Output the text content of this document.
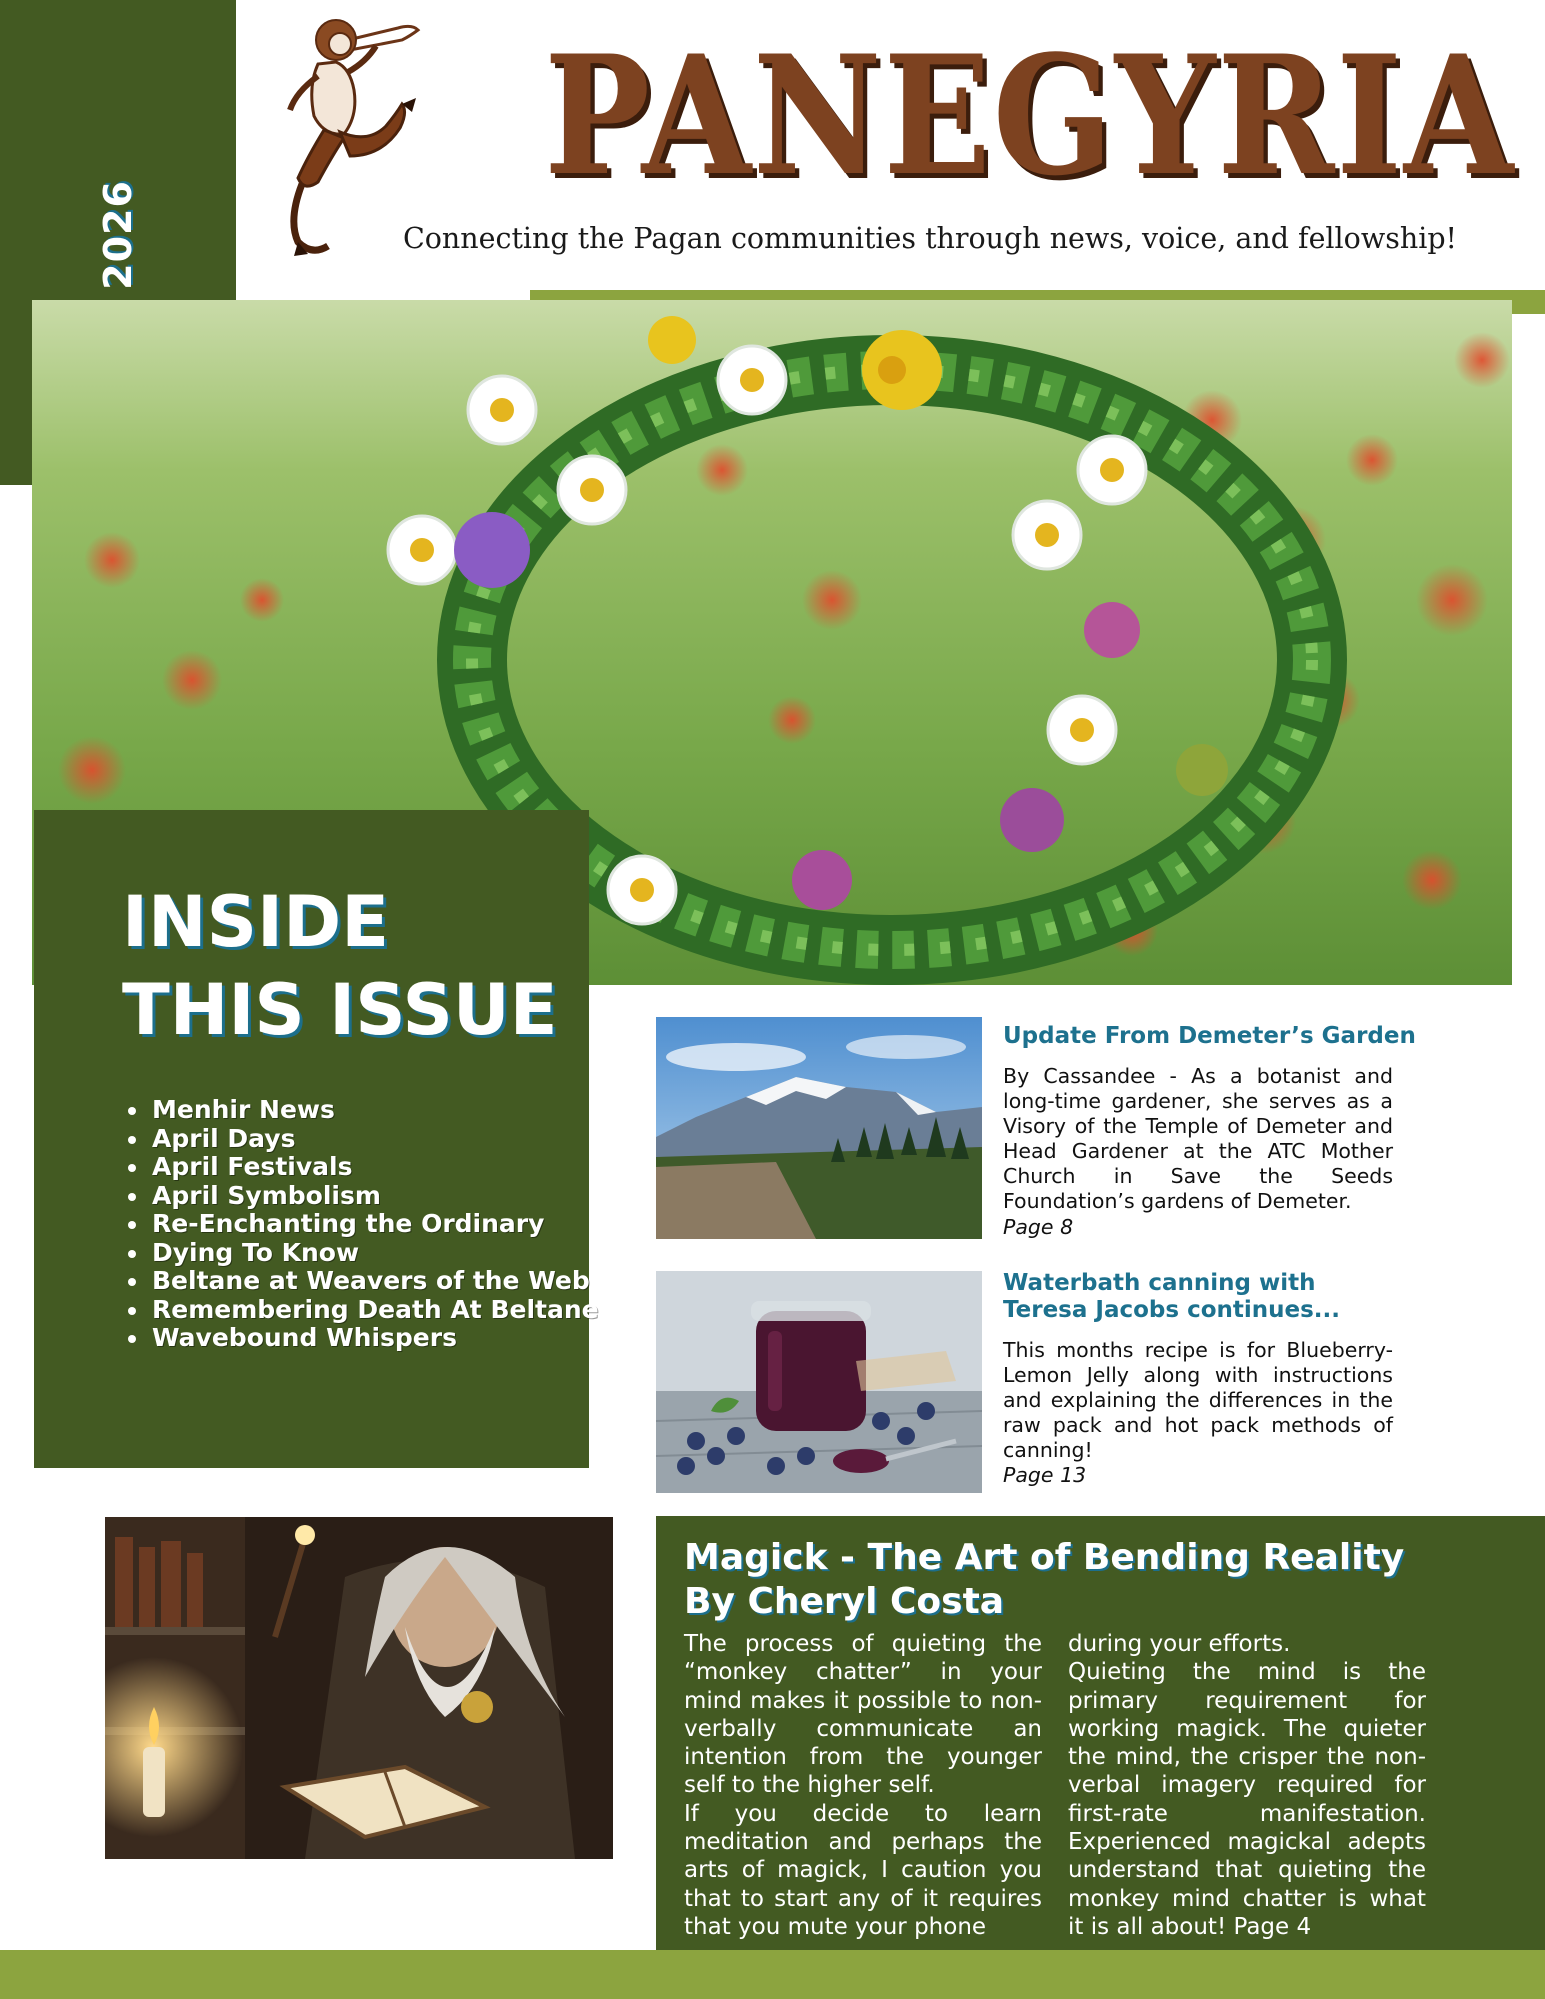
PANEGYRIA
Connecting the Pagan communities through news, voice, and fellowship!
INSIDE
THIS ISSUE
• Menhir News
• April Days
• April Festivals
• April Symbolism
• Re-Enchanting the Ordinary
• Dying To Know
• Beltane at Weavers of the Web
• Remembering Death At Beltane
• Wavebound Whispers
Update From Demeter’s Garden
By Cassandee - As a botanist and long-time gardener, she serves as a Visory of the Temple of Demeter and Head Gardener at the ATC Mother Church in Save the Seeds Foundation’s gardens of Demeter.
Page 8
Waterbath canning with Teresa Jacobs continues...
This months recipe is for Blueberry-Lemon Jelly along with instructions and explaining the differences in the raw pack and hot pack methods of canning!
Page 13
Magick - The Art of Bending Reality
By Cheryl Costa

The process of quieting the “monkey chatter” in your mind makes it possible to non-verbally communicate an intention from the younger self to the higher self.

If you decide to learn meditation and perhaps the arts of magick, I caution you that to start any of it requires that you mute your phone

during your efforts.

Quieting the mind is the primary requirement for working magick. The quieter the mind, the crisper the non-verbal imagery required for first-rate manifestation. Experienced magickal adepts understand that quieting the monkey mind chatter is what it is all about! Page 4
